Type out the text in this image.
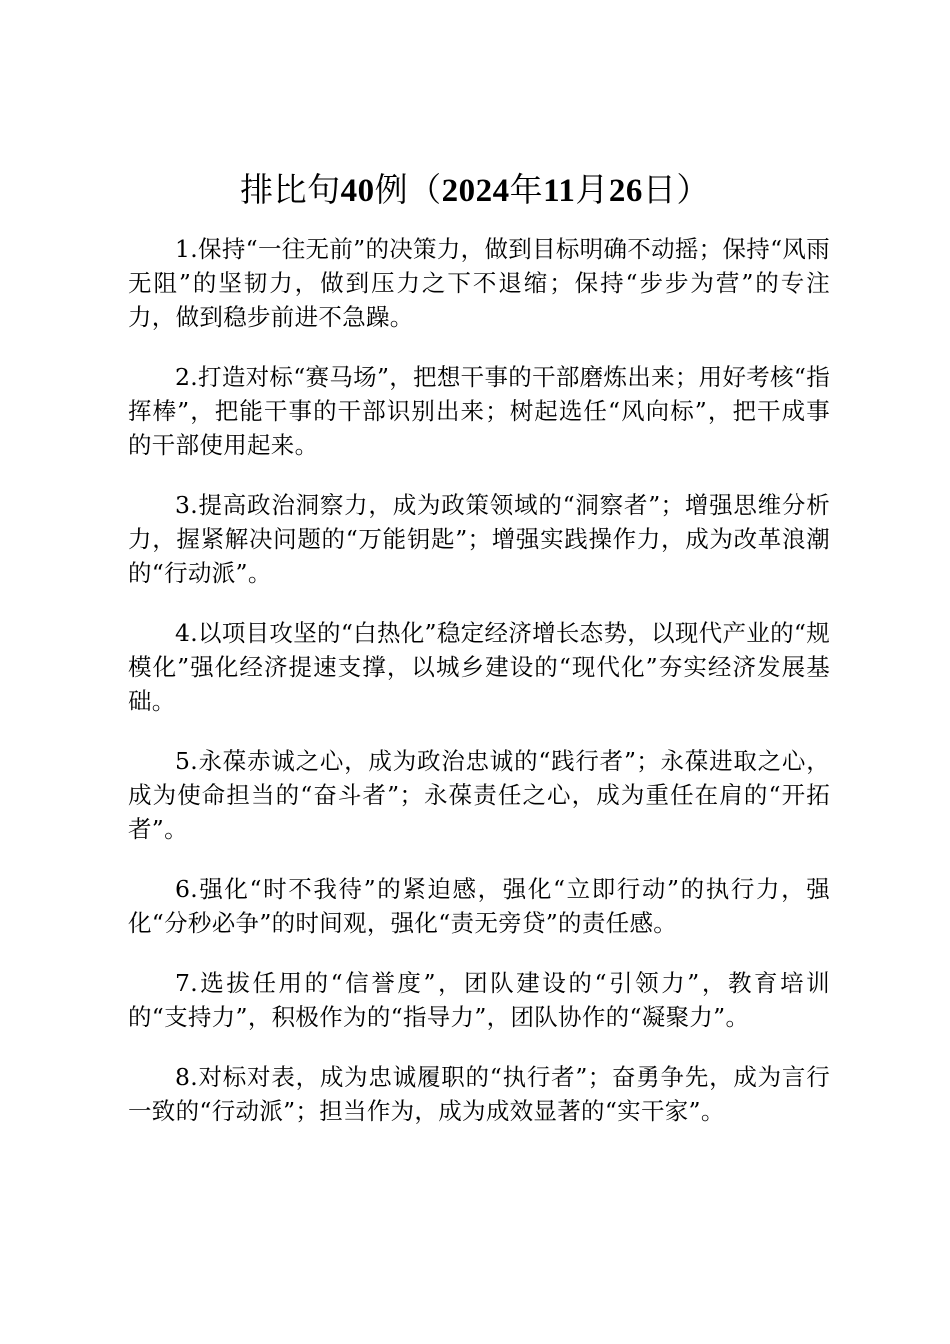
排比句40例（2024年11月26日）

1.保持“一往无前”的决策力，做到目标明确不动摇；保持“风雨无阻”的坚韧力，做到压力之下不退缩；保持“步步为营”的专注力，做到稳步前进不急躁。

2.打造对标“赛马场”，把想干事的干部磨炼出来；用好考核“指挥棒”，把能干事的干部识别出来；树起选任“风向标”，把干成事的干部使用起来。

3.提高政治洞察力，成为政策领域的“洞察者”；增强思维分析力，握紧解决问题的“万能钥匙”；增强实践操作力，成为改革浪潮的“行动派”。

4.以项目攻坚的“白热化”稳定经济增长态势，以现代产业的“规模化”强化经济提速支撑，以城乡建设的“现代化”夯实经济发展基础。

5.永葆赤诚之心，成为政治忠诚的“践行者”；永葆进取之心，成为使命担当的“奋斗者”；永葆责任之心，成为重任在肩的“开拓者”。

6.强化“时不我待”的紧迫感，强化“立即行动”的执行力，强化“分秒必争”的时间观，强化“责无旁贷”的责任感。

7.选拔任用的“信誉度”，团队建设的“引领力”，教育培训的“支持力”，积极作为的“指导力”，团队协作的“凝聚力”。

8.对标对表，成为忠诚履职的“执行者”；奋勇争先，成为言行一致的“行动派”；担当作为，成为成效显著的“实干家”。
